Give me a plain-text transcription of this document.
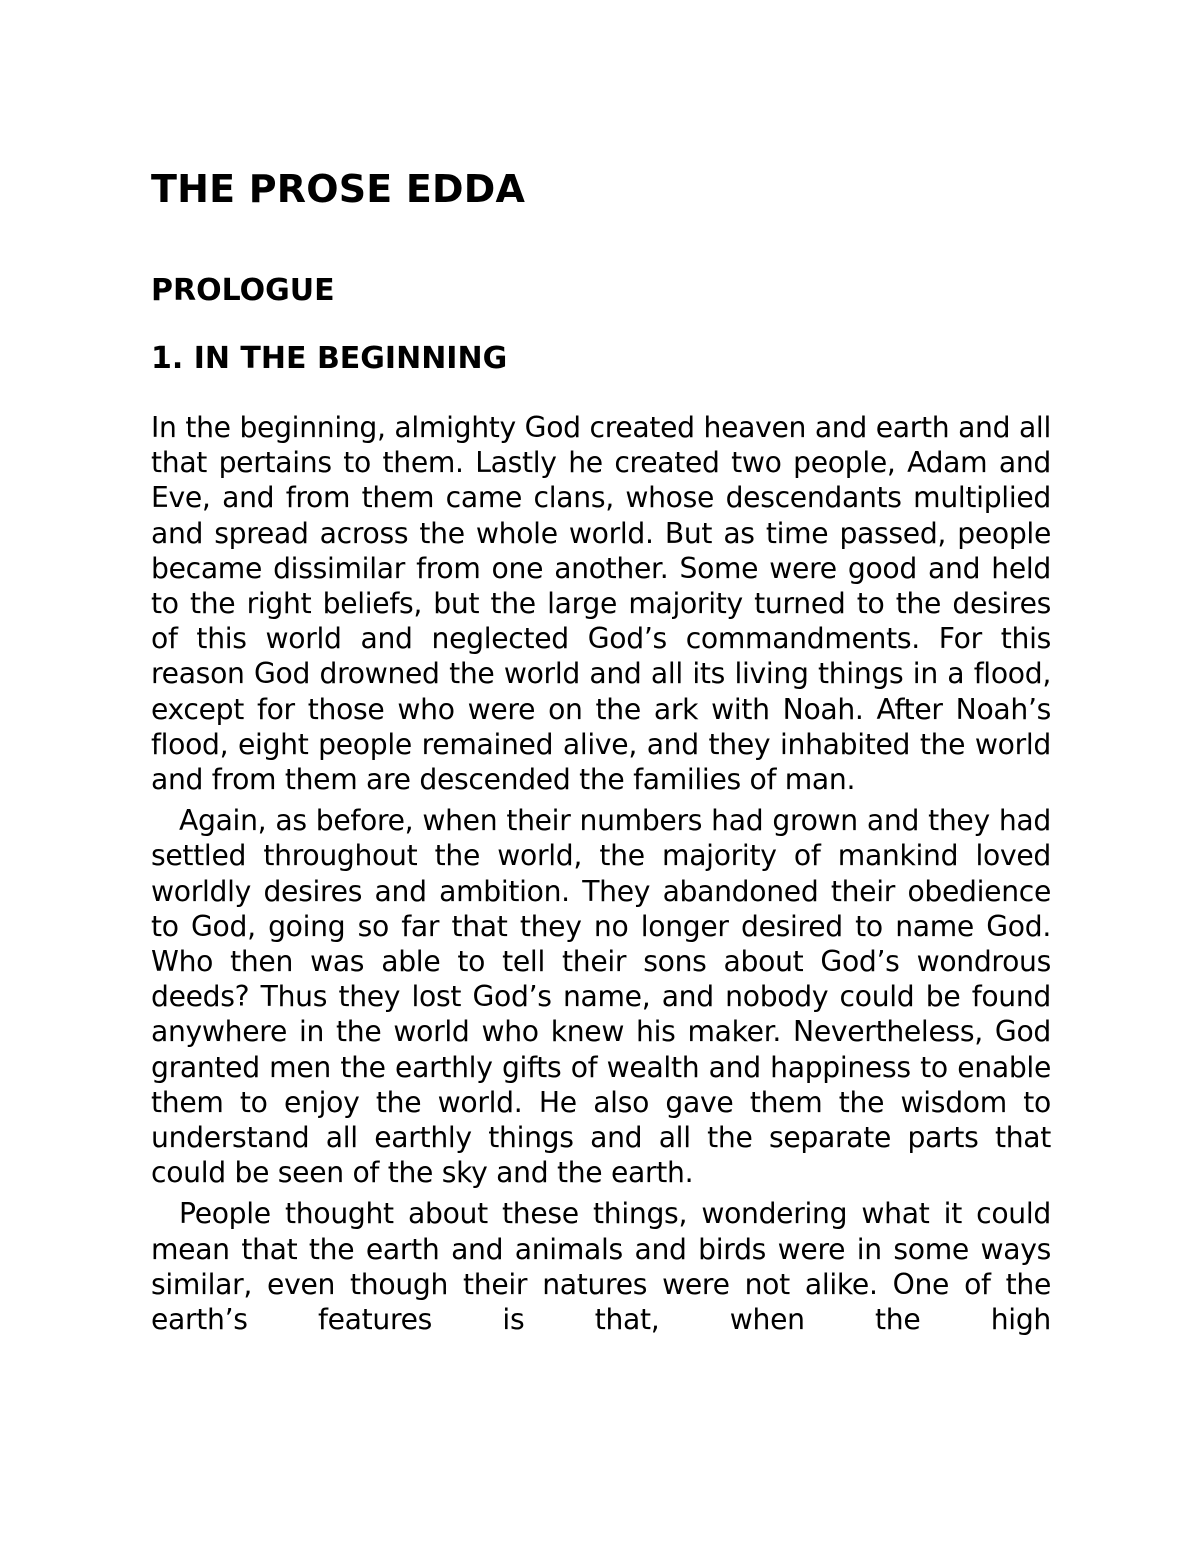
THE PROSE EDDA
PROLOGUE
1. IN THE BEGINNING

In the beginning, almighty God created heaven and earth and all that pertains to them. Lastly he created two people, Adam and Eve, and from them came clans, whose descendants multiplied and spread across the whole world. But as time passed, people became dissimilar from one another. Some were good and held to the right beliefs, but the large majority turned to the desires of this world and neglected God’s commandments. For this reason God drowned the world and all its living things in a flood, except for those who were on the ark with Noah. After Noah’s flood, eight people remained alive, and they inhabited the world and from them are descended the families of man.

Again, as before, when their numbers had grown and they had settled throughout the world, the majority of mankind loved worldly desires and ambition. They abandoned their obedience to God, going so far that they no longer desired to name God. Who then was able to tell their sons about God’s wondrous deeds? Thus they lost God’s name, and nobody could be found anywhere in the world who knew his maker. Nevertheless, God granted men the earthly gifts of wealth and happiness to enable them to enjoy the world. He also gave them the wisdom to understand all earthly things and all the separate parts that could be seen of the sky and the earth.

People thought about these things, wondering what it could mean that the earth and animals and birds were in some ways similar, even though their natures were not alike. One of the earth’s features is that, when the high
